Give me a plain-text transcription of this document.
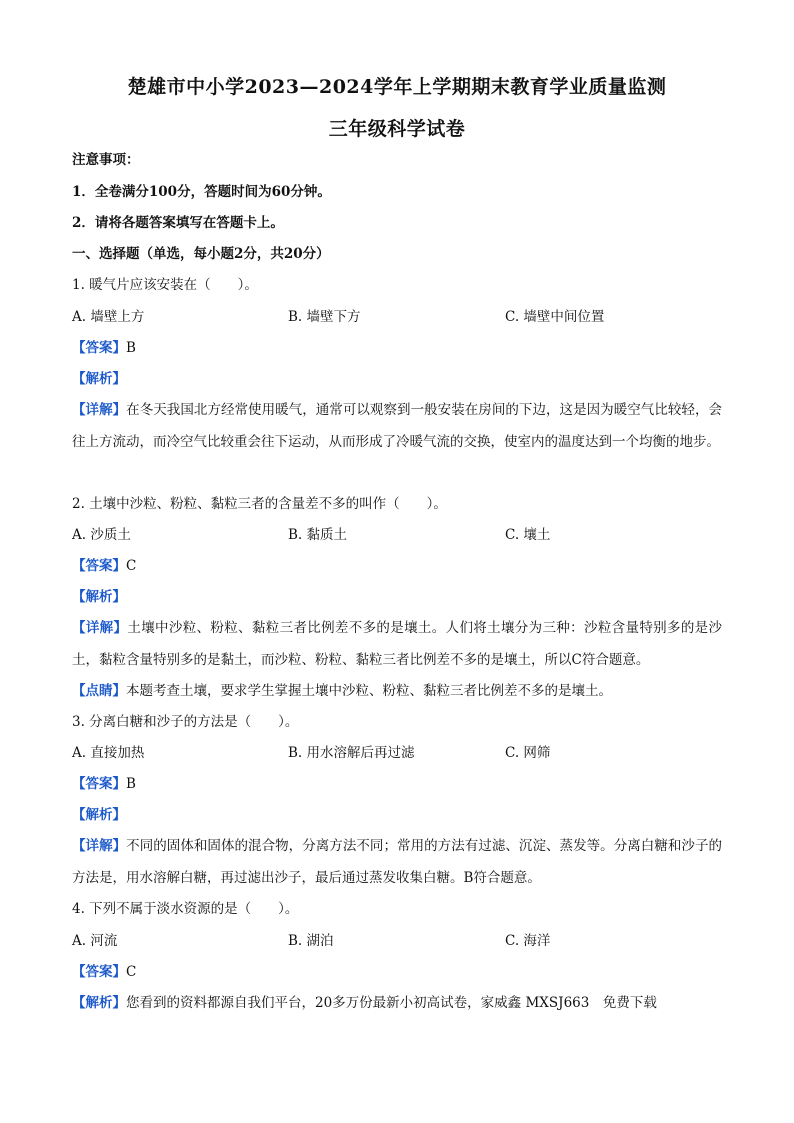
楚雄市中小学2023—2024学年上学期期末教育学业质量监测
三年级科学试卷
注意事项：
1．全卷满分100分，答题时间为60分钟。
2．请将各题答案填写在答题卡上。
一、选择题（单选，每小题2分，共20分）
1. 暖气片应该安装在（　　）。
A. 墙壁上方	B. 墙壁下方	C. 墙壁中间位置
【答案】B
【解析】
【详解】在冬天我国北方经常使用暖气，通常可以观察到一般安装在房间的下边，这是因为暖空气比较轻，会往上方流动，而冷空气比较重会往下运动，从而形成了冷暖气流的交换，使室内的温度达到一个均衡的地步。
2. 土壤中沙粒、粉粒、黏粒三者的含量差不多的叫作（　　）。
A. 沙质土	B. 黏质土	C. 壤土
【答案】C
【解析】
【详解】土壤中沙粒、粉粒、黏粒三者比例差不多的是壤土。人们将土壤分为三种：沙粒含量特别多的是沙土，黏粒含量特别多的是黏土，而沙粒、粉粒、黏粒三者比例差不多的是壤土，所以C符合题意。
【点睛】本题考查土壤，要求学生掌握土壤中沙粒、粉粒、黏粒三者比例差不多的是壤土。
3. 分离白糖和沙子的方法是（　　）。
A. 直接加热	B. 用水溶解后再过滤	C. 网筛
【答案】B
【解析】
【详解】不同的固体和固体的混合物，分离方法不同；常用的方法有过滤、沉淀、蒸发等。分离白糖和沙子的方法是，用水溶解白糖，再过滤出沙子，最后通过蒸发收集白糖。B符合题意。
4. 下列不属于淡水资源的是（　　）。
A. 河流	B. 湖泊	C. 海洋
【答案】C
【解析】您看到的资料都源自我们平台，20多万份最新小初高试卷，家威鑫 MXSJ663　免费下载
